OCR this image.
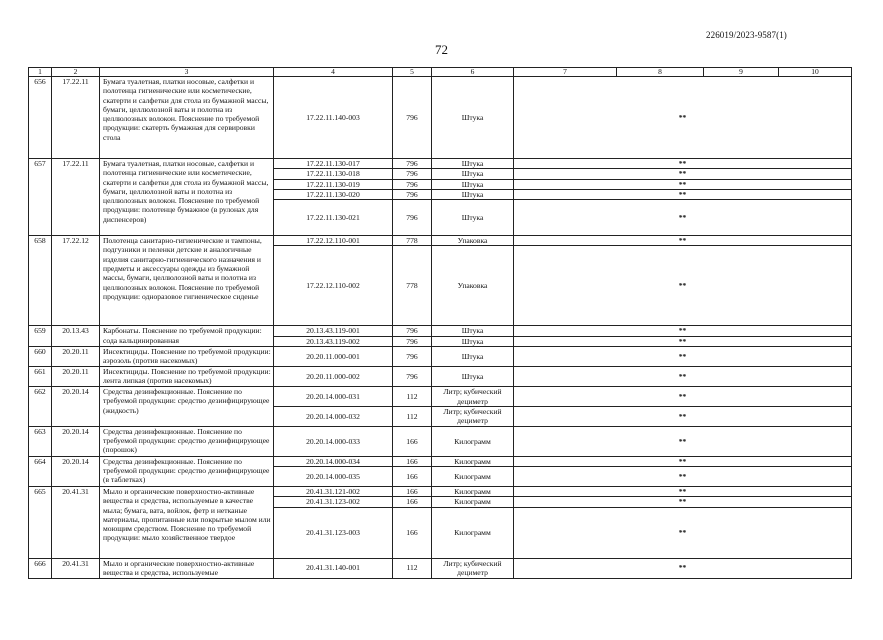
226019/2023-9587(1)
72
1	2	3	4	5	6	7	8	9	10
656	17.22.11	Бумага туалетная, платки носовые, салфетки и полотенца гигиенические или косметические, скатерти и салфетки для стола из бумажной массы, бумаги, целлюлозной ваты и полотна из целлюлозных волокон. Пояснение по требуемой продукции: скатерть бумажная для сервировки стола	17.22.11.140-003	796	Штука	**			
657	17.22.11	Бумага туалетная, платки носовые, салфетки и полотенца гигиенические или косметические, скатерти и салфетки для стола из бумажной массы, бумаги, целлюлозной ваты и полотна из целлюлозных волокон. Пояснение по требуемой продукции: полотенце бумажное (в рулонах для диспенсеров)	17.22.11.130-017	796	Штука	**			
			17.22.11.130-018	796	Штука	**			
			17.22.11.130-019	796	Штука	**			
			17.22.11.130-020	796	Штука	**			
			17.22.11.130-021	796	Штука	**			
658	17.22.12	Полотенца санитарно-гигиенические и тампоны, подгузники и пеленки детские и аналогичные изделия санитарно-гигиенического назначения и предметы и аксессуары одежды из бумажной массы, бумаги, целлюлозной ваты и полотна из целлюлозных волокон. Пояснение по требуемой продукции: одноразовое гигиеническое сиденье	17.22.12.110-001	778	Упаковка	**			
			17.22.12.110-002	778	Упаковка	**			
659	20.13.43	Карбонаты. Пояснение по требуемой продукции: сода кальцинированная	20.13.43.119-001	796	Штука	**			
			20.13.43.119-002	796	Штука	**			
660	20.20.11	Инсектициды. Пояснение по требуемой продукции: аэрозоль (против насекомых)	20.20.11.000-001	796	Штука	**			
661	20.20.11	Инсектициды. Пояснение по требуемой продукции: лента липкая (против насекомых)	20.20.11.000-002	796	Штука	**			
662	20.20.14	Средства дезинфекционные. Пояснение по требуемой продукции: средство дезинфицирующее (жидкость)	20.20.14.000-031	112	Литр; кубический дециметр	**			
			20.20.14.000-032	112	Литр; кубический дециметр	**			
663	20.20.14	Средства дезинфекционные. Пояснение по требуемой продукции: средство дезинфицирующее (порошок)	20.20.14.000-033	166	Килограмм	**			
664	20.20.14	Средства дезинфекционные. Пояснение по требуемой продукции: средство дезинфицирующее (в таблетках)	20.20.14.000-034	166	Килограмм	**			
			20.20.14.000-035	166	Килограмм	**			
665	20.41.31	Мыло и органические поверхностно-активные вещества и средства, используемые в качестве мыла; бумага, вата, войлок, фетр и нетканые материалы, пропитанные или покрытые мылом или моющим средством. Пояснение по требуемой продукции: мыло хозяйственное твердое	20.41.31.121-002	166	Килограмм	**			
			20.41.31.123-002	166	Килограмм	**			
			20.41.31.123-003	166	Килограмм	**			
666	20.41.31	Мыло и органические поверхностно-активные вещества и средства, используемые	20.41.31.140-001	112	Литр; кубический дециметр	**			
